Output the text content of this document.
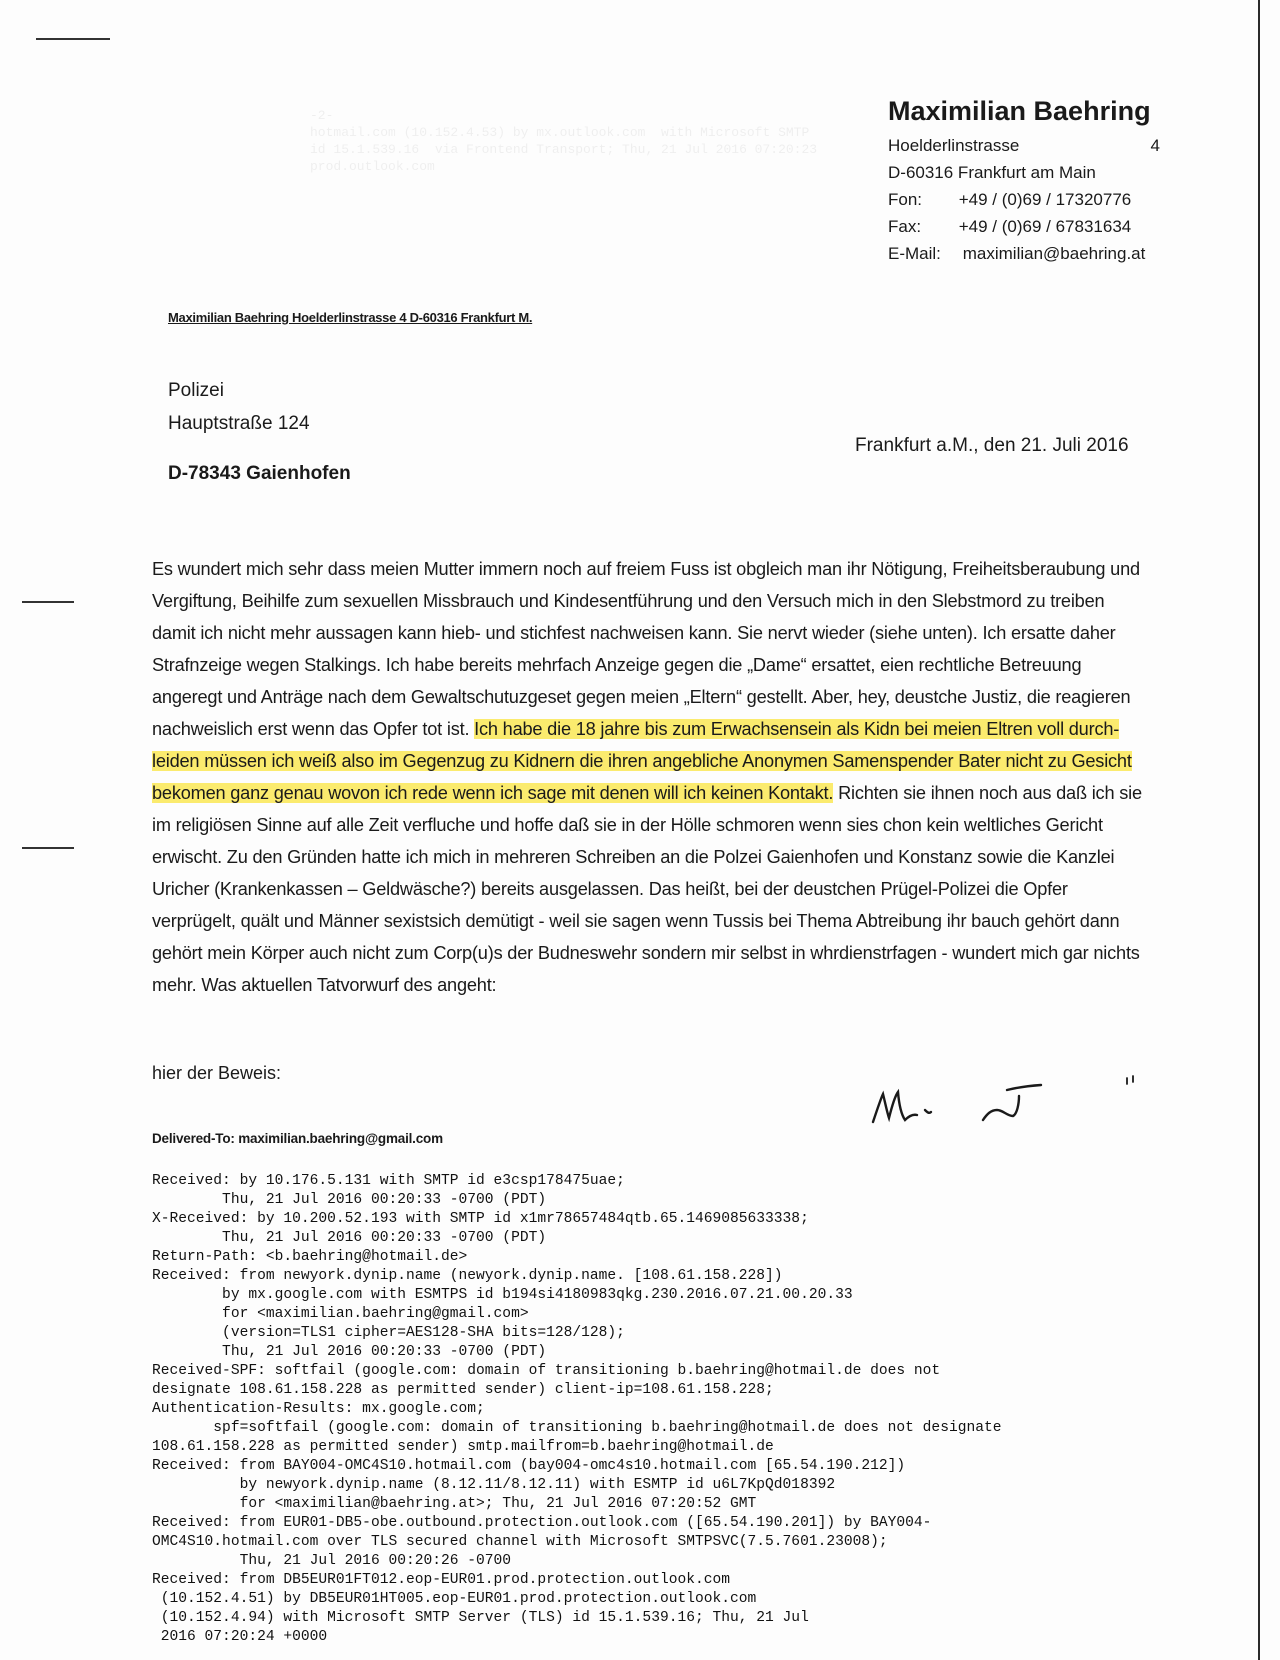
-2-
hotmail.com (10.152.4.53) by mx.outlook.com  with Microsoft SMTP
id 15.1.539.16  via Frontend Transport; Thu, 21 Jul 2016 07:20:23
prod.outlook.com

Maximilian Baehring
Hoelderlinstrasse	4
D-60316 Frankfurt am Main
Fon: +49 / (0)69 / 17320776
Fax: +49 / (0)69 / 67831634
E-Mail: maximilian@baehring.at
Maximilian Baehring Hoelderlinstrasse 4 D-60316 Frankfurt M.
Polizei
Hauptstraße 124
D-78343 Gaienhofen
Frankfurt a.M., den 21. Juli 2016
Es wundert mich sehr dass meien Mutter immern noch auf freiem Fuss ist obgleich man ihr Nötigung, Freiheitsberaubung und Vergiftung, Beihilfe zum sexuellen Missbrauch und Kindesentführung und den Versuch mich in den Slebstmord zu treiben damit ich nicht mehr aussagen kann hieb- und stichfest nachweisen kann. Sie nervt wieder (siehe unten). Ich ersatte daher Strafnzeige wegen Stalkings. Ich habe bereits mehrfach Anzeige gegen die „Dame“ ersattet, eien rechtliche Betreuung angeregt und Anträge nach dem Gewaltschutuzgeset gegen meien „Eltern“ gestellt. Aber, hey, deustche Justiz, die reagieren nachweislich erst wenn das Opfer tot ist. Ich habe die 18 jahre bis zum Erwachsensein als Kidn bei meien Eltren voll durch-leiden müssen ich weiß also im Gegenzug zu Kidnern die ihren angebliche Anonymen Samenspender Bater nicht zu Gesicht bekomen ganz genau wovon ich rede wenn ich sage mit denen will ich keinen Kontakt. Richten sie ihnen noch aus daß ich sie im religiösen Sinne auf alle Zeit verfluche und hoffe daß sie in der Hölle schmoren wenn sies chon kein weltliches Gericht erwischt. Zu den Gründen hatte ich mich in mehreren Schreiben an die Polzei Gaienhofen und Konstanz sowie die Kanzlei Uricher (Krankenkassen – Geldwäsche?) bereits ausgelassen. Das heißt, bei der deustchen Prügel-Polizei die Opfer verprügelt, quält und Männer sexistsich demütigt - weil sie sagen wenn Tussis bei Thema Abtreibung ihr bauch gehört dann gehört mein Körper auch nicht zum Corp(u)s der Budneswehr sondern mir selbst in whrdienstrfagen - wundert mich gar nichts mehr. Was aktuellen Tatvorwurf des angeht:
hier der Beweis:
Delivered-To: maximilian.baehring@gmail.com
Received: by 10.176.5.131 with SMTP id e3csp178475uae;
Thu, 21 Jul 2016 00:20:33 -0700 (PDT)
X-Received: by 10.200.52.193 with SMTP id x1mr78657484qtb.65.1469085633338;
Thu, 21 Jul 2016 00:20:33 -0700 (PDT)
Return-Path: <b.baehring@hotmail.de>
Received: from newyork.dynip.name (newyork.dynip.name. [108.61.158.228])
by mx.google.com with ESMTPS id b194si4180983qkg.230.2016.07.21.00.20.33
for <maximilian.baehring@gmail.com>
(version=TLS1 cipher=AES128-SHA bits=128/128);
Thu, 21 Jul 2016 00:20:33 -0700 (PDT)
Received-SPF: softfail (google.com: domain of transitioning b.baehring@hotmail.de does not
designate 108.61.158.228 as permitted sender) client-ip=108.61.158.228;
Authentication-Results: mx.google.com;
spf=softfail (google.com: domain of transitioning b.baehring@hotmail.de does not designate
108.61.158.228 as permitted sender) smtp.mailfrom=b.baehring@hotmail.de
Received: from BAY004-OMC4S10.hotmail.com (bay004-omc4s10.hotmail.com [65.54.190.212])
by newyork.dynip.name (8.12.11/8.12.11) with ESMTP id u6L7KpQd018392
for <maximilian@baehring.at>; Thu, 21 Jul 2016 07:20:52 GMT
Received: from EUR01-DB5-obe.outbound.protection.outlook.com ([65.54.190.201]) by BAY004-
OMC4S10.hotmail.com over TLS secured channel with Microsoft SMTPSVC(7.5.7601.23008);
Thu, 21 Jul 2016 00:20:26 -0700
Received: from DB5EUR01FT012.eop-EUR01.prod.protection.outlook.com
(10.152.4.51) by DB5EUR01HT005.eop-EUR01.prod.protection.outlook.com
(10.152.4.94) with Microsoft SMTP Server (TLS) id 15.1.539.16; Thu, 21 Jul
2016 07:20:24 +0000
